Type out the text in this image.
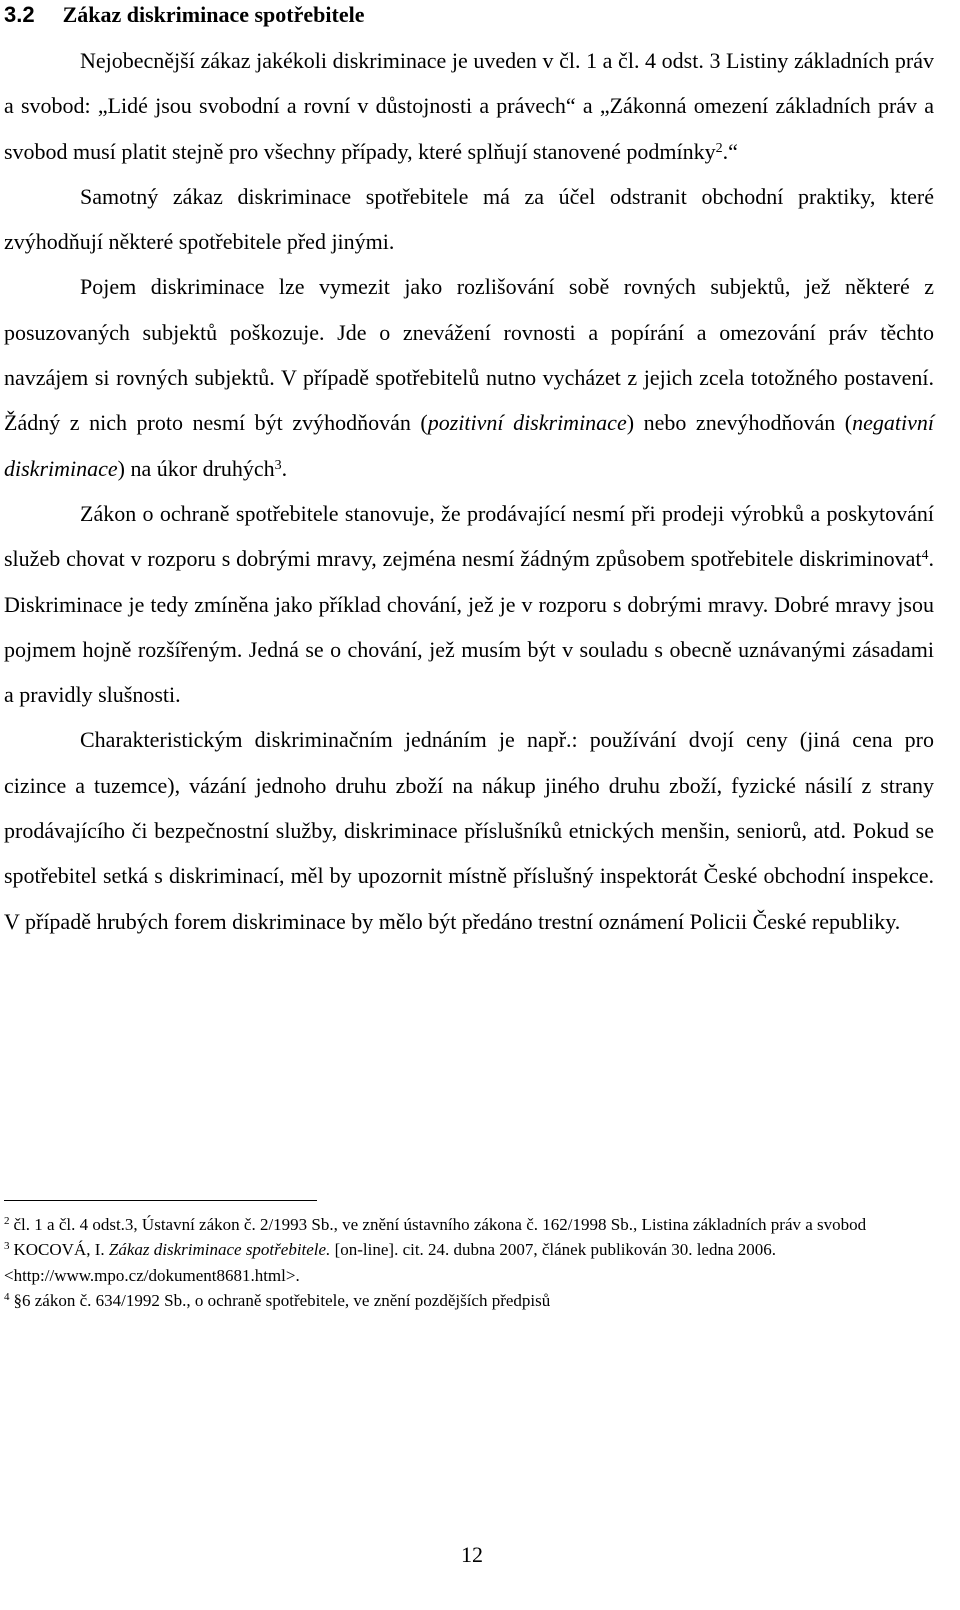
3.2 Zákaz diskriminace spotřebitele

Nejobecnější zákaz jakékoli diskriminace je uveden v čl. 1 a čl. 4 odst. 3 Listiny základních práv a svobod: „Lidé jsou svobodní a rovní v důstojnosti a právech“ a „Zákonná omezení základních práv a svobod musí platit stejně pro všechny případy, které splňují stanovené podmínky$^2$.“

Samotný zákaz diskriminace spotřebitele má za účel odstranit obchodní praktiky, které zvýhodňují některé spotřebitele před jinými.

Pojem diskriminace lze vymezit jako rozlišování sobě rovných subjektů, jež některé z posuzovaných subjektů poškozuje. Jde o znevážení rovnosti a popírání a omezování práv těchto navzájem si rovných subjektů. V případě spotřebitelů nutno vycházet z jejich zcela totožného postavení. Žádný z nich proto nesmí být zvýhodňován (pozitivní diskriminace) nebo znevýhodňován (negativní diskriminace) na úkor druhých$^3$.

Zákon o ochraně spotřebitele stanovuje, že prodávající nesmí při prodeji výrobků a poskytování služeb chovat v rozporu s dobrými mravy, zejména nesmí žádným způsobem spotřebitele diskriminovat$^4$. Diskriminace je tedy zmíněna jako příklad chování, jež je v rozporu s dobrými mravy. Dobré mravy jsou pojmem hojně rozšířeným. Jedná se o chování, jež musím být v souladu s obecně uznávanými zásadami a pravidly slušnosti.

Charakteristickým diskriminačním jednáním je např.: používání dvojí ceny (jiná cena pro cizince a tuzemce), vázání jednoho druhu zboží na nákup jiného druhu zboží, fyzické násilí z strany prodávajícího či bezpečnostní služby, diskriminace příslušníků etnických menšin, seniorů, atd. Pokud se spotřebitel setká s diskriminací, měl by upozornit místně příslušný inspektorát České obchodní inspekce. V případě hrubých forem diskriminace by mělo být předáno trestní oznámení Policii České republiky.

$^2$ čl. 1 a čl. 4 odst.3, Ústavní zákon č. 2/1993 Sb., ve znění ústavního zákona č. 162/1998 Sb., Listina základních práv a svobod

$^3$ KOCOVÁ, I. Zákaz diskriminace spotřebitele. [on-line]. cit. 24. dubna 2007, článek publikován 30. ledna 2006. <http://www.mpo.cz/dokument8681.html>.

$^4$ §6 zákon č. 634/1992 Sb., o ochraně spotřebitele, ve znění pozdějších předpisů

12
